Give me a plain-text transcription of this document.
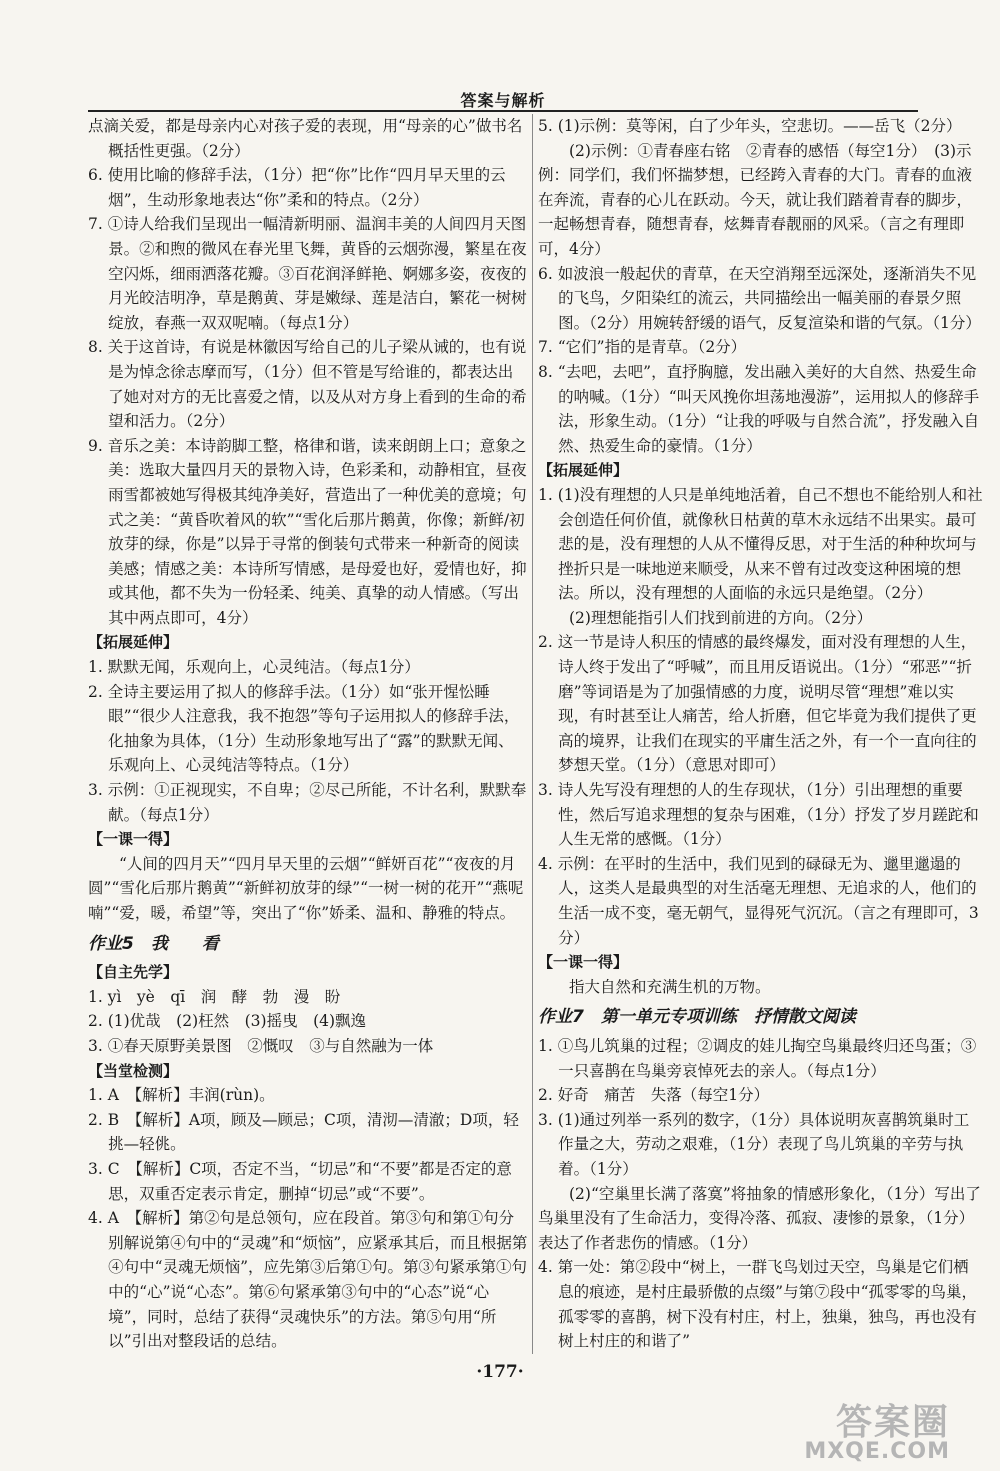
答案与解析

点滴关爱，都是母亲内心对孩子爱的表现，用“母亲的心”做书名概括性更强。（2分）

6. 使用比喻的修辞手法，（1分）把“你”比作“四月早天里的云烟”，生动形象地表达“你”柔和的特点。（2分）

7. ①诗人给我们呈现出一幅清新明丽、温润丰美的人间四月天图景。②和煦的微风在春光里飞舞，黄昏的云烟弥漫，繁星在夜空闪烁，细雨洒落花瓣。③百花润泽鲜艳、婀娜多姿，夜夜的月光皎洁明净，草是鹅黄、芽是嫩绿、莲是洁白，繁花一树树绽放，春燕一双双呢喃。（每点1分）

8. 关于这首诗，有说是林徽因写给自己的儿子梁从诫的，也有说是为悼念徐志摩而写，（1分）但不管是写给谁的，都表达出了她对对方的无比喜爱之情，以及从对方身上看到的生命的希望和活力。（2分）

9. 音乐之美：本诗韵脚工整，格律和谐，读来朗朗上口；意象之美：选取大量四月天的景物入诗，色彩柔和，动静相宜，昼夜雨雪都被她写得极其纯净美好，营造出了一种优美的意境；句式之美：“黄昏吹着风的软”“雪化后那片鹅黄，你像；新鲜/初放芽的绿，你是”以异于寻常的倒装句式带来一种新奇的阅读美感；情感之美：本诗所写情感，是母爱也好，爱情也好，抑或其他，都不失为一份轻柔、纯美、真挚的动人情感。（写出其中两点即可，4分）

【拓展延伸】

1. 默默无闻，乐观向上，心灵纯洁。（每点1分）

2. 全诗主要运用了拟人的修辞手法。（1分）如“张开惺忪睡眼”“很少人注意我，我不抱怨”等句子运用拟人的修辞手法，化抽象为具体，（1分）生动形象地写出了“露”的默默无闻、乐观向上、心灵纯洁等特点。（1分）

3. 示例：①正视现实，不自卑；②尽己所能，不计名利，默默奉献。（每点1分）

【一课一得】

“人间的四月天”“四月早天里的云烟”“鲜妍百花”“夜夜的月圆”“雪化后那片鹅黄”“新鲜初放芽的绿”“一树一树的花开”“燕呢喃”“爱，暖，希望”等，突出了“你”娇柔、温和、静雅的特点。

作业5　我　　看

【自主先学】

1. yì　yè　qī　润　酵　勃　漫　盼

2. (1)优哉　(2)枉然　(3)摇曳　(4)飘逸

3. ①春天原野美景图　②慨叹　③与自然融为一体

【当堂检测】

1. A　【解析】丰润(rùn)。

2. B　【解析】A项，顾及—顾忌；C项，清沏—清澈；D项，轻挑—轻佻。

3. C　【解析】C项，否定不当，“切忌”和“不要”都是否定的意思，双重否定表示肯定，删掉“切忌”或“不要”。

4. A　【解析】第②句是总领句，应在段首。第③句和第①句分别解说第④句中的“灵魂”和“烦恼”，应紧承其后，而且根据第④句中“灵魂无烦恼”，应先第③后第①句。第③句紧承第①句中的“心”说“心态”。第⑥句紧承第③句中的“心态”说“心境”，同时，总结了获得“灵魂快乐”的方法。第⑤句用“所以”引出对整段话的总结。

5. (1)示例：莫等闲，白了少年头，空悲切。——岳飞（2分）

(2)示例：①青春座右铭　②青春的感悟（每空1分）　(3)示例：同学们，我们怀揣梦想，已经跨入青春的大门。青春的血液在奔流，青春的心儿在跃动。今天，就让我们踏着青春的脚步，一起畅想青春，随想青春，炫舞青春靓丽的风采。（言之有理即可，4分）

6. 如波浪一般起伏的青草，在天空消翔至远深处，逐渐消失不见的飞鸟，夕阳染红的流云，共同描绘出一幅美丽的春景夕照图。（2分）用婉转舒缓的语气，反复渲染和谐的气氛。（1分）

7. “它们”指的是青草。（2分）

8. “去吧，去吧”，直抒胸臆，发出融入美好的大自然、热爱生命的呐喊。（1分）“叫天风挽你坦荡地漫游”，运用拟人的修辞手法，形象生动。（1分）“让我的呼吸与自然合流”，抒发融入自然、热爱生命的豪情。（1分）

【拓展延伸】

1. (1)没有理想的人只是单纯地活着，自己不想也不能给别人和社会创造任何价值，就像秋日枯黄的草木永远结不出果实。最可悲的是，没有理想的人从不懂得反思，对于生活的种种坎坷与挫折只是一味地逆来顺受，从来不曾有过改变这种困境的想法。所以，没有理想的人面临的永远只是绝望。（2分）

(2)理想能指引人们找到前进的方向。（2分）

2. 这一节是诗人积压的情感的最终爆发，面对没有理想的人生，诗人终于发出了“呼喊”，而且用反语说出。（1分）“邪恶”“折磨”等词语是为了加强情感的力度，说明尽管“理想”难以实现，有时甚至让人痛苦，给人折磨，但它毕竟为我们提供了更高的境界，让我们在现实的平庸生活之外，有一个一直向往的梦想天堂。（1分）（意思对即可）

3. 诗人先写没有理想的人的生存现状，（1分）引出理想的重要性，然后写追求理想的复杂与困难，（1分）抒发了岁月蹉跎和人生无常的感慨。（1分）

4. 示例：在平时的生活中，我们见到的碌碌无为、邋里邋遢的人，这类人是最典型的对生活毫无理想、无追求的人，他们的生活一成不变，毫无朝气，显得死气沉沉。（言之有理即可，3分）

【一课一得】

指大自然和充满生机的万物。

作业7　第一单元专项训练　抒情散文阅读

1. ①鸟儿筑巢的过程；②调皮的娃儿掏空鸟巢最终归还鸟蛋；③一只喜鹊在鸟巢旁哀悼死去的亲人。（每点1分）

2. 好奇　痛苦　失落（每空1分）

3. (1)通过列举一系列的数字，（1分）具体说明灰喜鹊筑巢时工作量之大，劳动之艰难，（1分）表现了鸟儿筑巢的辛劳与执着。（1分）

(2)“空巢里长满了落寞”将抽象的情感形象化，（1分）写出了鸟巢里没有了生命活力，变得冷落、孤寂、凄惨的景象，（1分）表达了作者悲伤的情感。（1分）

4. 第一处：第②段中“树上，一群飞鸟划过天空，鸟巢是它们栖息的痕迹，是村庄最骄傲的点缀”与第⑦段中“孤零零的鸟巢，孤零零的喜鹊，树下没有村庄，村上，独巢，独鸟，再也没有树上村庄的和谐了”

·177·
答案圈
MXQE.COM
